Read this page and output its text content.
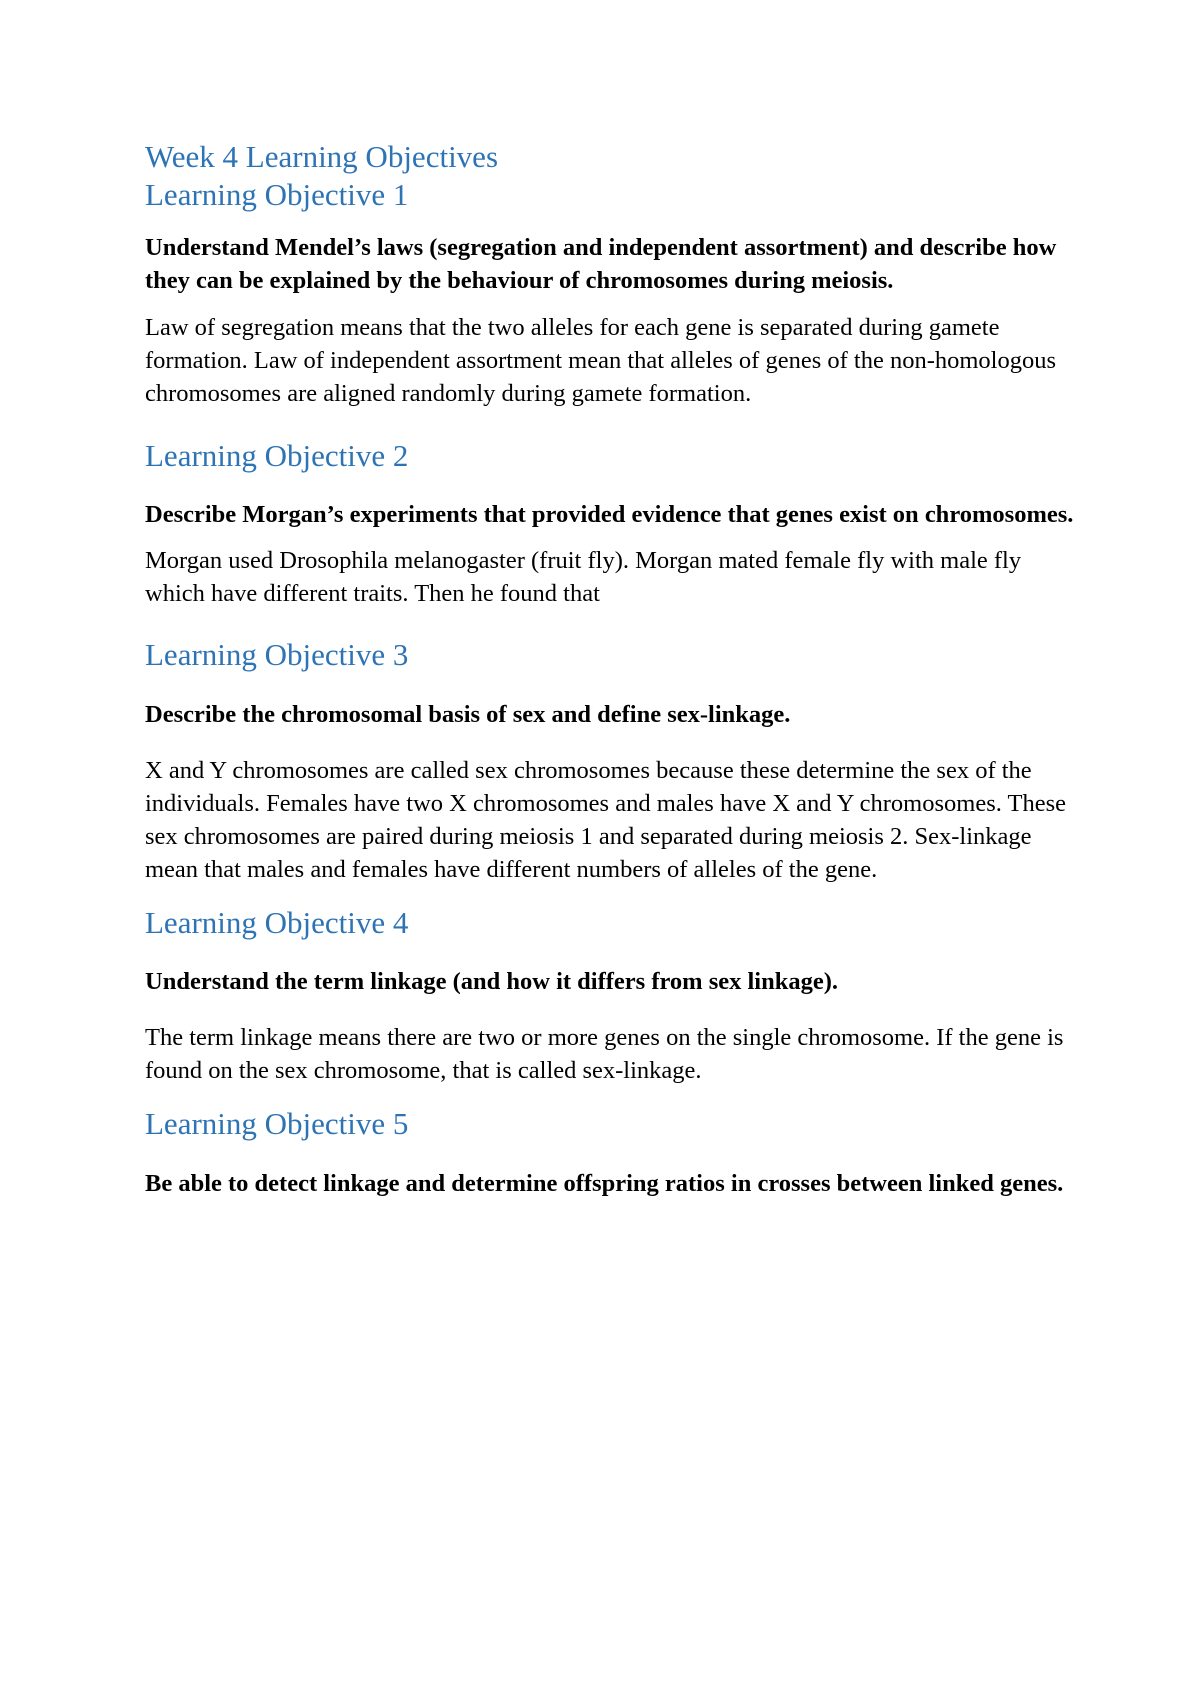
Week 4 Learning Objectives
Learning Objective 1

Understand Mendel’s laws (segregation and independent assortment) and describe how they can be explained by the behaviour of chromosomes during meiosis.

Law of segregation means that the two alleles for each gene is separated during gamete formation. Law of independent assortment mean that alleles of genes of the non-homologous chromosomes are aligned randomly during gamete formation.

Learning Objective 2

Describe Morgan’s experiments that provided evidence that genes exist on chromosomes.

Morgan used Drosophila melanogaster (fruit fly). Morgan mated female fly with male fly which have different traits. Then he found that

Learning Objective 3

Describe the chromosomal basis of sex and define sex-linkage.

X and Y chromosomes are called sex chromosomes because these determine the sex of the individuals. Females have two X chromosomes and males have X and Y chromosomes. These sex chromosomes are paired during meiosis 1 and separated during meiosis 2. Sex-linkage mean that males and females have different numbers of alleles of the gene.

Learning Objective 4

Understand the term linkage (and how it differs from sex linkage).

The term linkage means there are two or more genes on the single chromosome. If the gene is found on the sex chromosome, that is called sex-linkage.

Learning Objective 5

Be able to detect linkage and determine offspring ratios in crosses between linked genes.
